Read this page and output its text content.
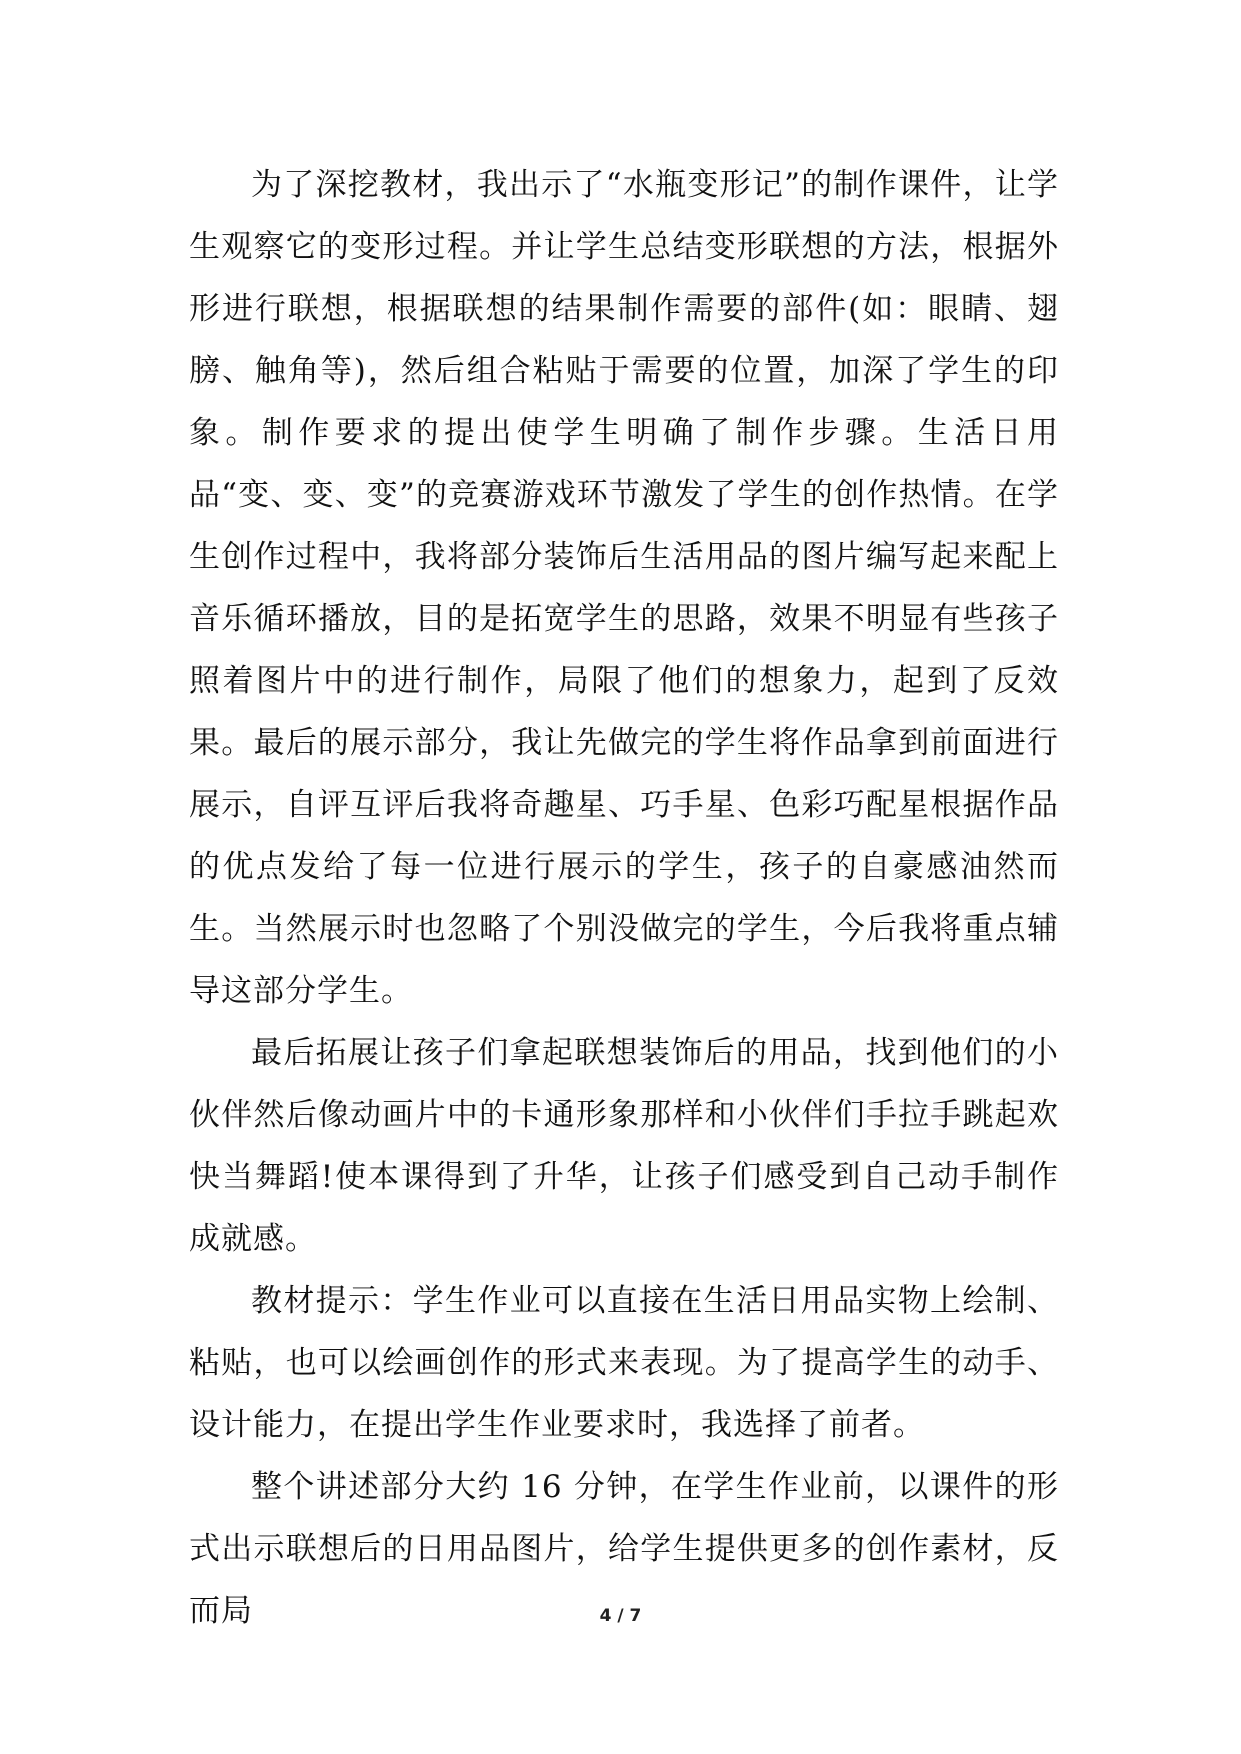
为了深挖教材，我出示了“水瓶变形记”的制作课件，让学生观察它的变形过程。并让学生总结变形联想的方法，根据外形进行联想，根据联想的结果制作需要的部件(如：眼睛、翅膀、触角等)，然后组合粘贴于需要的位置，加深了学生的印象。制作要求的提出使学生明确了制作步骤。生活日用品“变、变、变”的竞赛游戏环节激发了学生的创作热情。在学生创作过程中，我将部分装饰后生活用品的图片编写起来配上音乐循环播放，目的是拓宽学生的思路，效果不明显有些孩子照着图片中的进行制作，局限了他们的想象力，起到了反效果。最后的展示部分，我让先做完的学生将作品拿到前面进行展示，自评互评后我将奇趣星、巧手星、色彩巧配星根据作品的优点发给了每一位进行展示的学生，孩子的自豪感油然而生。当然展示时也忽略了个别没做完的学生，今后我将重点辅导这部分学生。

最后拓展让孩子们拿起联想装饰后的用品，找到他们的小伙伴然后像动画片中的卡通形象那样和小伙伴们手拉手跳起欢快当舞蹈!使本课得到了升华，让孩子们感受到自己动手制作成就感。

教材提示：学生作业可以直接在生活日用品实物上绘制、粘贴，也可以绘画创作的形式来表现。为了提高学生的动手、设计能力，在提出学生作业要求时，我选择了前者。

整个讲述部分大约 16 分钟，在学生作业前，以课件的形式出示联想后的日用品图片，给学生提供更多的创作素材，反而局	4 / 7
